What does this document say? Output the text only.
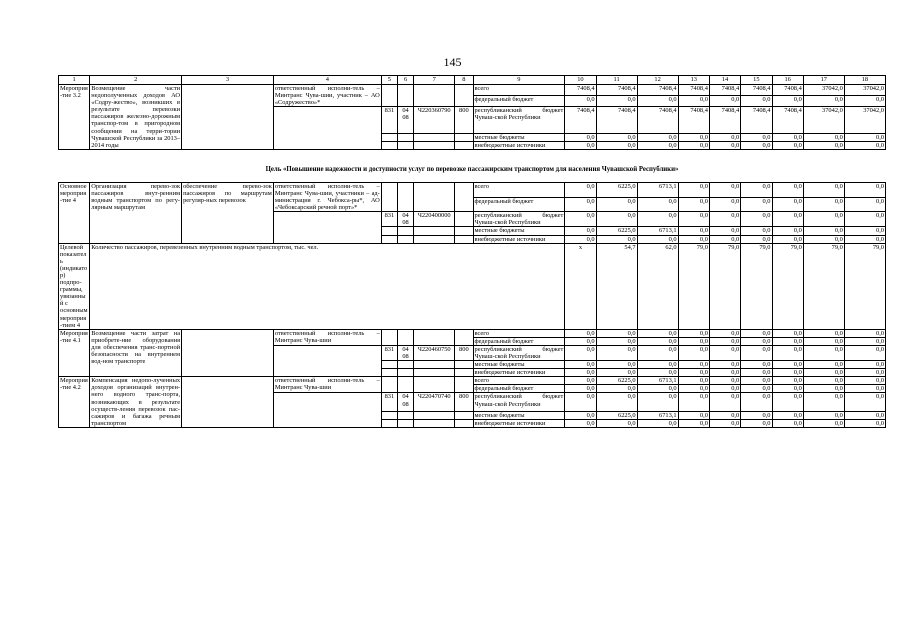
145
1	2	3	4	5	6	7	8	9	10	11	12	13	14	15	16	17	18
Мероприя-тие 3.2	Возмещение части недополученных доходов АО «Содру-жество», возникших в результате перевозки пассажиров железно-дорожным транспор-том в пригородном сообщении на терри-тории Чувашской Республики за 2013–2014 годы		ответственный исполни-тель – Минтранс Чува-шии, участник – АО «Содружество»*					всего	7408,4	7408,4	7408,4	7408,4	7408,4	7408,4	7408,4	37042,0	37042,0
								федеральный бюджет	0,0	0,0	0,0	0,0	0,0	0,0	0,0	0,0	0,0
				831	04 08	Ч220360790	800	республиканский бюджет Чуваш-ской Республики	7408,4	7408,4	7408,4	7408,4	7408,4	7408,4	7408,4	37042,0	37042,0
								местные бюджеты	0,0	0,0	0,0	0,0	0,0	0,0	0,0	0,0	0,0
								внебюджетные источники	0,0	0,0	0,0	0,0	0,0	0,0	0,0	0,0	0,0

Цель «Повышение надежности и доступности услуг по перевозке пассажирским транспортом для населения Чувашской Республики»																	

Основное мероприя-тие 4	Организация перево-зок пассажиров внут-ренним водным транспортом по регу-лярным маршрутам	обеспечение перево-зок пассажиров по маршрутам регуляр-ных перевозок	ответственный исполни-тель – Минтранс Чува-шии, участники – ад-министрация г. Чебокса-ры*, АО «Чебоксарский речной порт»*					всего	0,0	6225,0	6713,1	0,0	0,0	0,0	0,0	0,0	0,0
								федеральный бюджет	0,0	0,0	0,0	0,0	0,0	0,0	0,0	0,0	0,0
				831	04 08	Ч220400000		республиканский бюджет Чуваш-ской Республики	0,0	0,0	0,0	0,0	0,0	0,0	0,0	0,0	0,0
								местные бюджеты	0,0	6225,0	6713,1	0,0	0,0	0,0	0,0	0,0	0,0
								внебюджетные источники	0,0	0,0	0,0	0,0	0,0	0,0	0,0	0,0	0,0
Целевой показатель (индикатор) подпро-граммы, увязанный с основным мероприя-тием 4	Количество пассажиров, перевезенных внутренним водным транспортом, тыс. чел.								x	54,7	62,0	79,0	79,0	79,0	79,0	79,0	79,0
Мероприя-тие 4.1	Возмещение части затрат на приобрете-ние оборудования для обеспечения транс-портной безопасности на внутреннем вод-ном транспорте		ответственный исполни-тель – Минтранс Чува-шии					всего	0,0	0,0	0,0	0,0	0,0	0,0	0,0	0,0	0,0
								федеральный бюджет	0,0	0,0	0,0	0,0	0,0	0,0	0,0	0,0	0,0
				831	04 08	Ч220460750	800	республиканский бюджет Чуваш-ской Республики	0,0	0,0	0,0	0,0	0,0	0,0	0,0	0,0	0,0
								местные бюджеты	0,0	0,0	0,0	0,0	0,0	0,0	0,0	0,0	0,0
								внебюджетные источники	0,0	0,0	0,0	0,0	0,0	0,0	0,0	0,0	0,0
Мероприя-тие 4.2	Компенсация недопо-лученных доходов организаций внутрен-него водного транс-порта, возникающих в результате осуществ-ления перевозок пас-сажиров и багажа речным транспортом		ответственный исполни-тель – Минтранс Чува-шии					всего	0,0	6225,0	6713,1	0,0	0,0	0,0	0,0	0,0	0,0
								федеральный бюджет	0,0	0,0	0,0	0,0	0,0	0,0	0,0	0,0	0,0
				831	04 08	Ч220470740	800	республиканский бюджет Чуваш-ской Республики	0,0	0,0	0,0	0,0	0,0	0,0	0,0	0,0	0,0
								местные бюджеты	0,0	6225,0	6713,1	0,0	0,0	0,0	0,0	0,0	0,0
								внебюджетные источники	0,0	0,0	0,0	0,0	0,0	0,0	0,0	0,0	0,0
